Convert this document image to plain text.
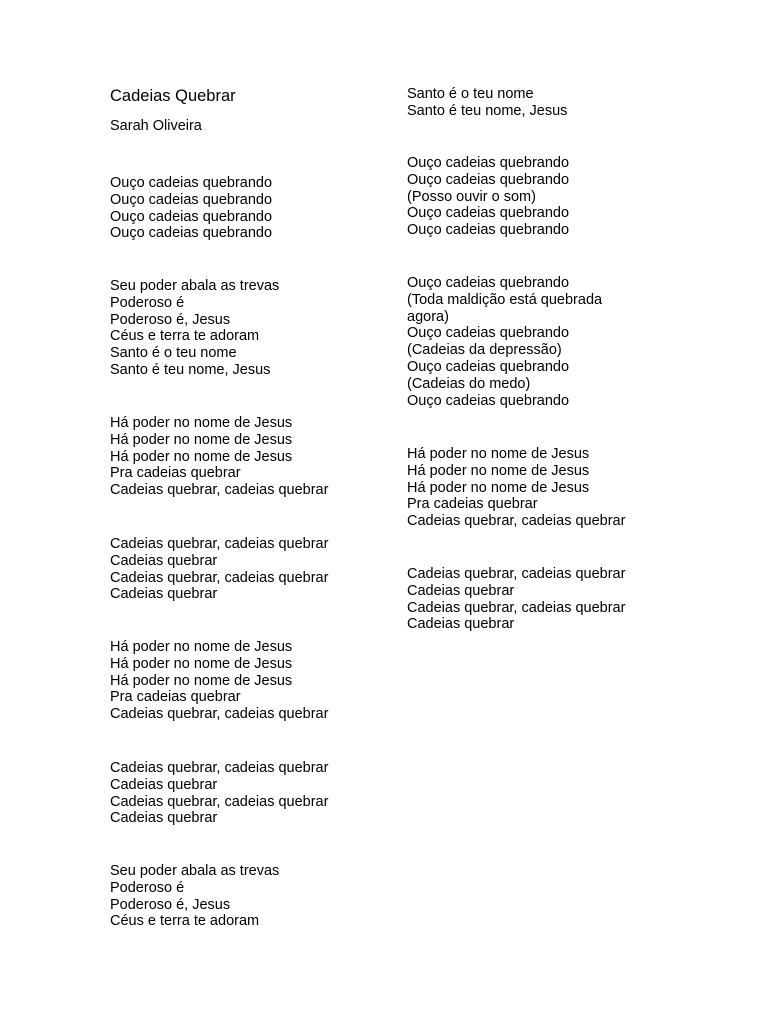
Cadeias Quebrar
Sarah Oliveira
Ouço cadeias quebrando
Ouço cadeias quebrando
Ouço cadeias quebrando
Ouço cadeias quebrando
Seu poder abala as trevas
Poderoso é
Poderoso é, Jesus
Céus e terra te adoram
Santo é o teu nome
Santo é teu nome, Jesus
Há poder no nome de Jesus
Há poder no nome de Jesus
Há poder no nome de Jesus
Pra cadeias quebrar
Cadeias quebrar, cadeias quebrar
Cadeias quebrar, cadeias quebrar
Cadeias quebrar
Cadeias quebrar, cadeias quebrar
Cadeias quebrar
Há poder no nome de Jesus
Há poder no nome de Jesus
Há poder no nome de Jesus
Pra cadeias quebrar
Cadeias quebrar, cadeias quebrar
Cadeias quebrar, cadeias quebrar
Cadeias quebrar
Cadeias quebrar, cadeias quebrar
Cadeias quebrar
Seu poder abala as trevas
Poderoso é
Poderoso é, Jesus
Céus e terra te adoram
Santo é o teu nome
Santo é teu nome, Jesus
Ouço cadeias quebrando
Ouço cadeias quebrando
(Posso ouvir o som)
Ouço cadeias quebrando
Ouço cadeias quebrando
Ouço cadeias quebrando
(Toda maldição está quebrada
agora)
Ouço cadeias quebrando
(Cadeias da depressão)
Ouço cadeias quebrando
(Cadeias do medo)
Ouço cadeias quebrando
Há poder no nome de Jesus
Há poder no nome de Jesus
Há poder no nome de Jesus
Pra cadeias quebrar
Cadeias quebrar, cadeias quebrar
Cadeias quebrar, cadeias quebrar
Cadeias quebrar
Cadeias quebrar, cadeias quebrar
Cadeias quebrar
